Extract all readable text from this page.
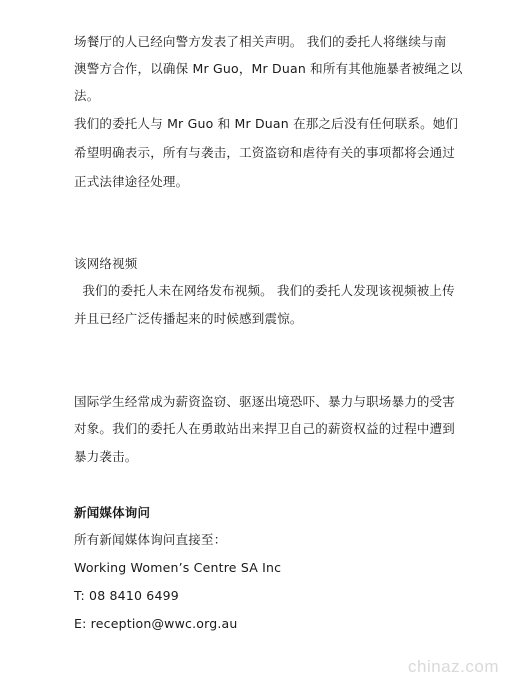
场餐厅的人已经向警方发表了相关声明。 我们的委托人将继续与南
澳警方合作，以确保 Mr Guo，Mr Duan 和所有其他施暴者被绳之以
法。
我们的委托人与 Mr Guo 和 Mr Duan 在那之后没有任何联系。她们
希望明确表示，所有与袭击，工资盗窃和虐待有关的事项都将会通过
正式法律途径处理。
该网络视频
我们的委托人未在网络发布视频。 我们的委托人发现该视频被上传
并且已经广泛传播起来的时候感到震惊。
国际学生经常成为薪资盗窃、驱逐出境恐吓、暴力与职场暴力的受害
对象。我们的委托人在勇敢站出来捍卫自己的薪资权益的过程中遭到
暴力袭击。
新闻媒体询问
所有新闻媒体询问直接至：
Working Women’s Centre SA Inc
T: 08 8410 6499
E: reception@wwc.org.au
chinaz.com
